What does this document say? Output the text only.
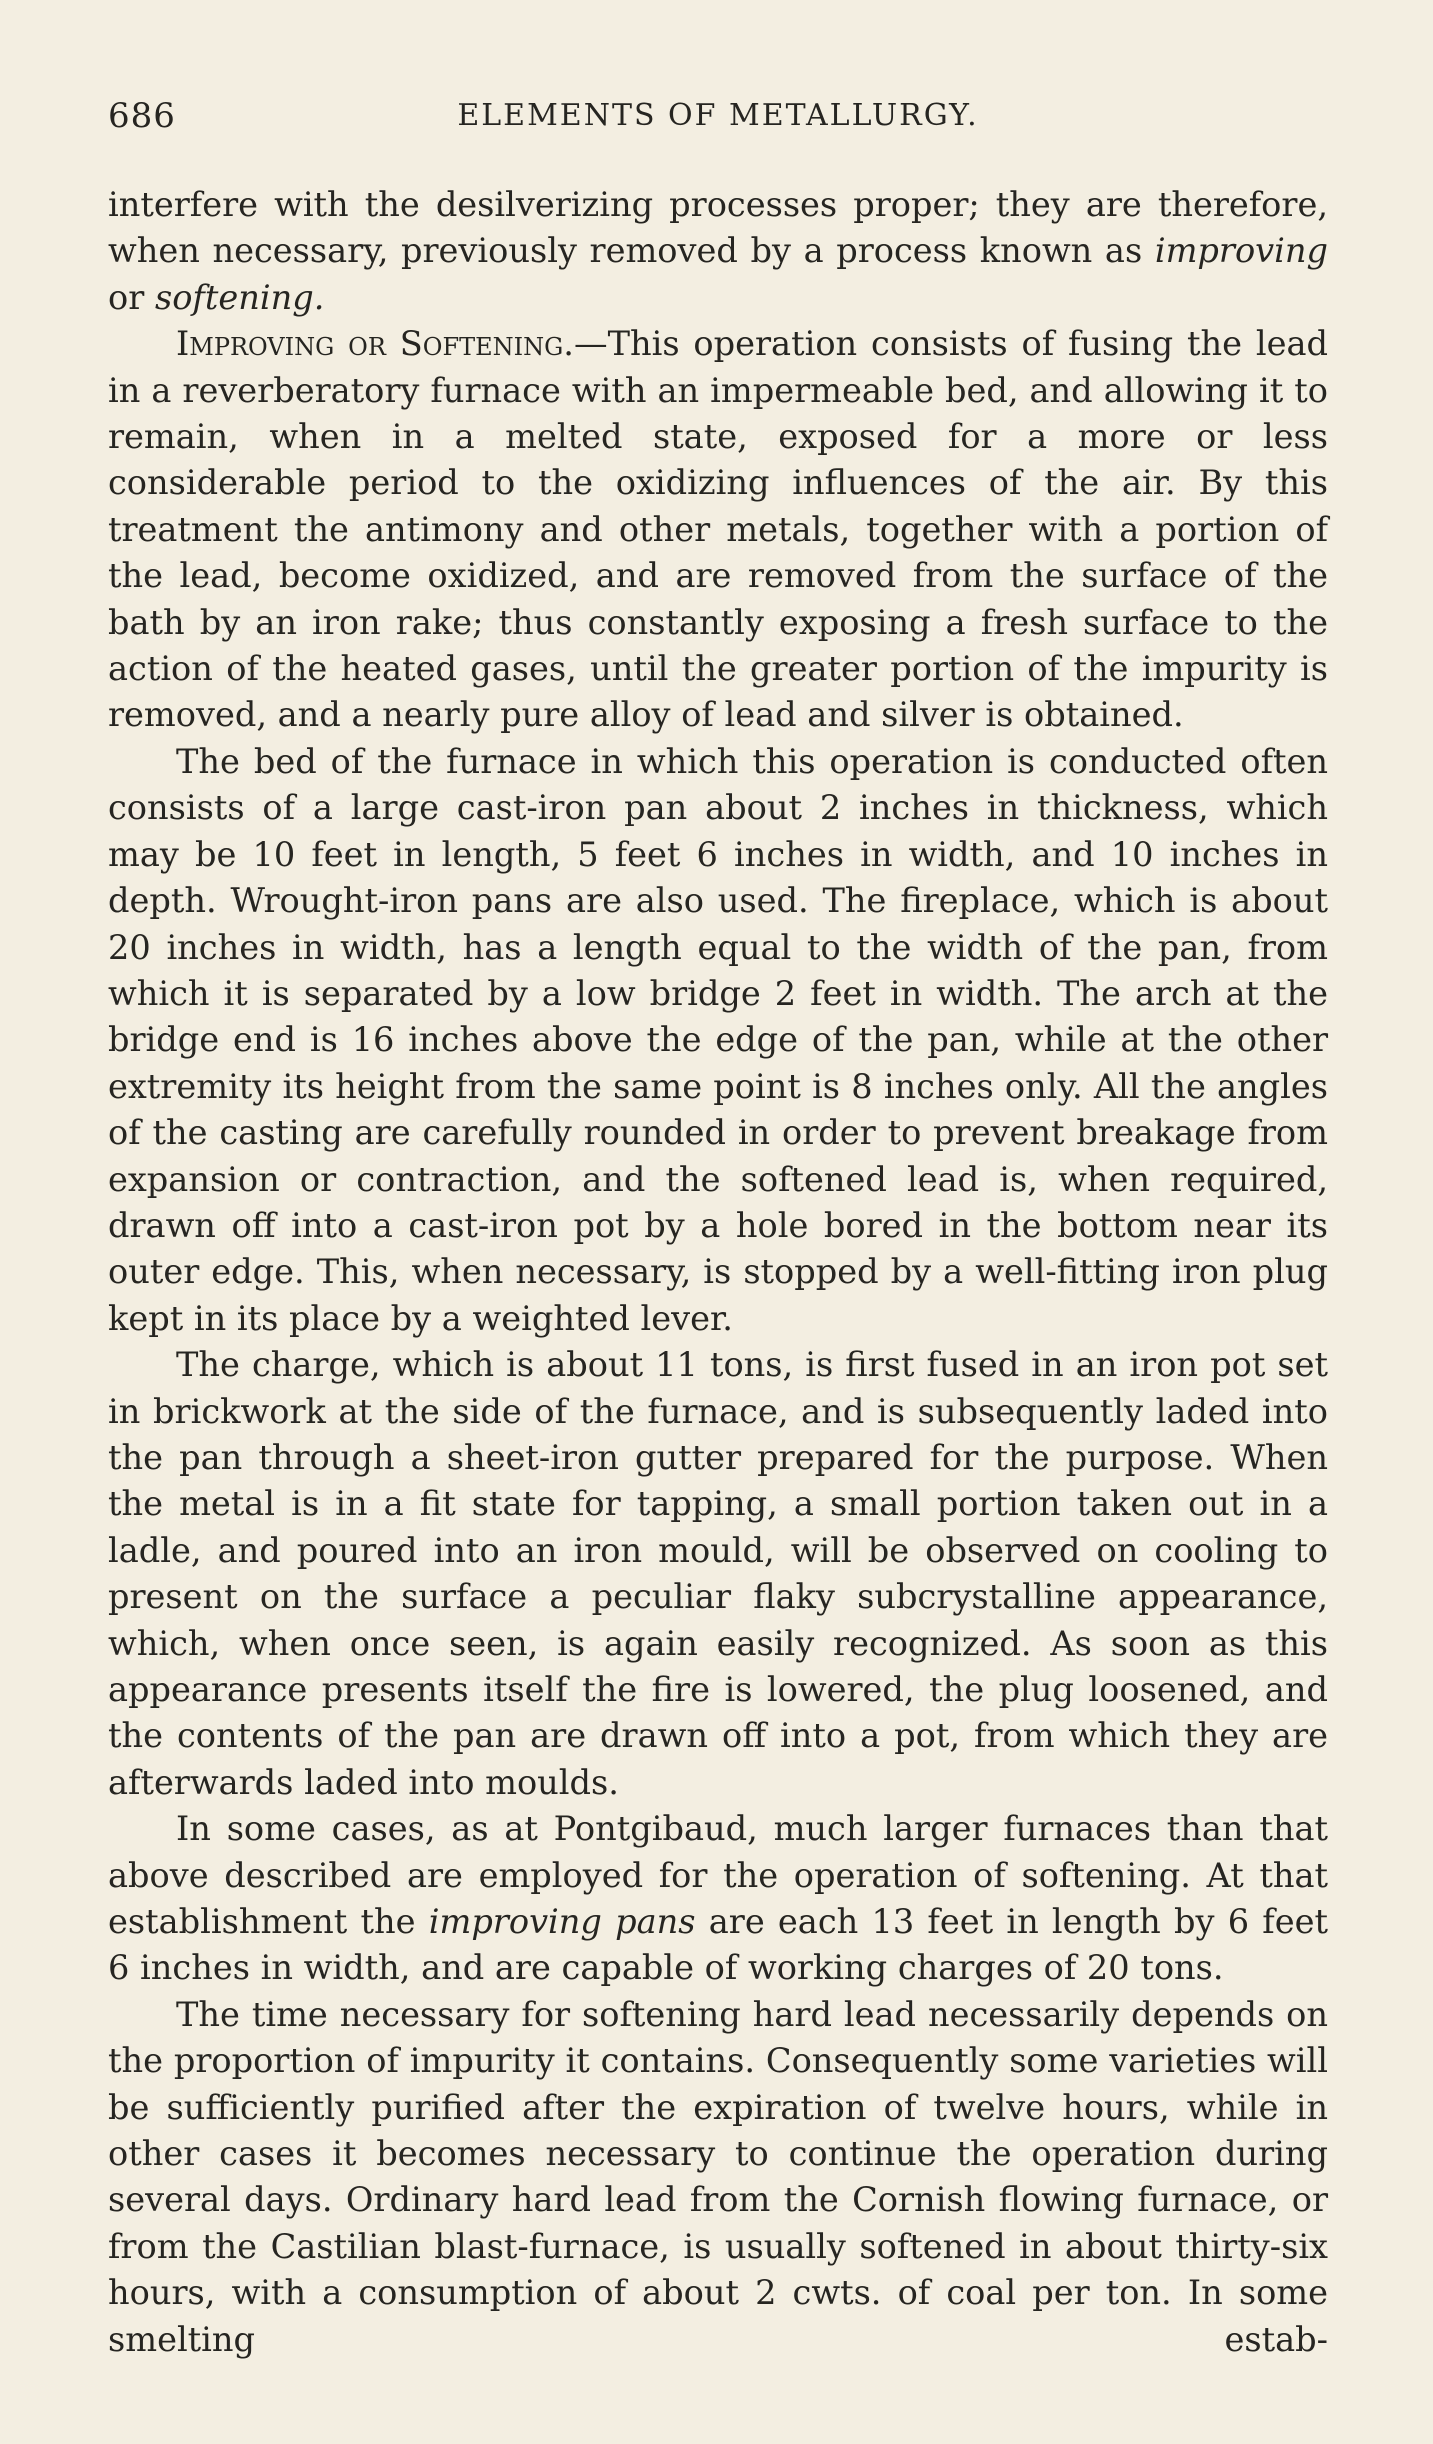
686	ELEMENTS OF METALLURGY.

interfere with the desilverizing processes proper; they are therefore, when necessary, previously removed by a process known as improving or softening.

Improving or Softening.—This operation consists of fusing the lead in a reverberatory furnace with an impermeable bed, and allowing it to remain, when in a melted state, exposed for a more or less considerable period to the oxidizing influences of the air. By this treatment the antimony and other metals, together with a portion of the lead, become oxidized, and are removed from the surface of the bath by an iron rake; thus constantly exposing a fresh surface to the action of the heated gases, until the greater portion of the impurity is removed, and a nearly pure alloy of lead and silver is obtained.

The bed of the furnace in which this operation is conducted often consists of a large cast-iron pan about 2 inches in thickness, which may be 10 feet in length, 5 feet 6 inches in width, and 10 inches in depth. Wrought-iron pans are also used. The fireplace, which is about 20 inches in width, has a length equal to the width of the pan, from which it is separated by a low bridge 2 feet in width. The arch at the bridge end is 16 inches above the edge of the pan, while at the other extremity its height from the same point is 8 inches only. All the angles of the casting are carefully rounded in order to prevent breakage from expansion or contraction, and the softened lead is, when required, drawn off into a cast-iron pot by a hole bored in the bottom near its outer edge. This, when necessary, is stopped by a well-fitting iron plug kept in its place by a weighted lever.

The charge, which is about 11 tons, is first fused in an iron pot set in brickwork at the side of the furnace, and is subsequently laded into the pan through a sheet-iron gutter prepared for the purpose. When the metal is in a fit state for tapping, a small portion taken out in a ladle, and poured into an iron mould, will be observed on cooling to present on the surface a peculiar flaky subcrystalline appearance, which, when once seen, is again easily recognized. As soon as this appearance presents itself the fire is lowered, the plug loosened, and the contents of the pan are drawn off into a pot, from which they are afterwards laded into moulds.

In some cases, as at Pontgibaud, much larger furnaces than that above described are employed for the operation of softening. At that establishment the improving pans are each 13 feet in length by 6 feet 6 inches in width, and are capable of working charges of 20 tons.

The time necessary for softening hard lead necessarily depends on the proportion of impurity it contains. Consequently some varieties will be sufficiently purified after the expiration of twelve hours, while in other cases it becomes necessary to continue the operation during several days. Ordinary hard lead from the Cornish flowing furnace, or from the Castilian blast-furnace, is usually softened in about thirty-six hours, with a consumption of about 2 cwts. of coal per ton. In some smelting estab-
